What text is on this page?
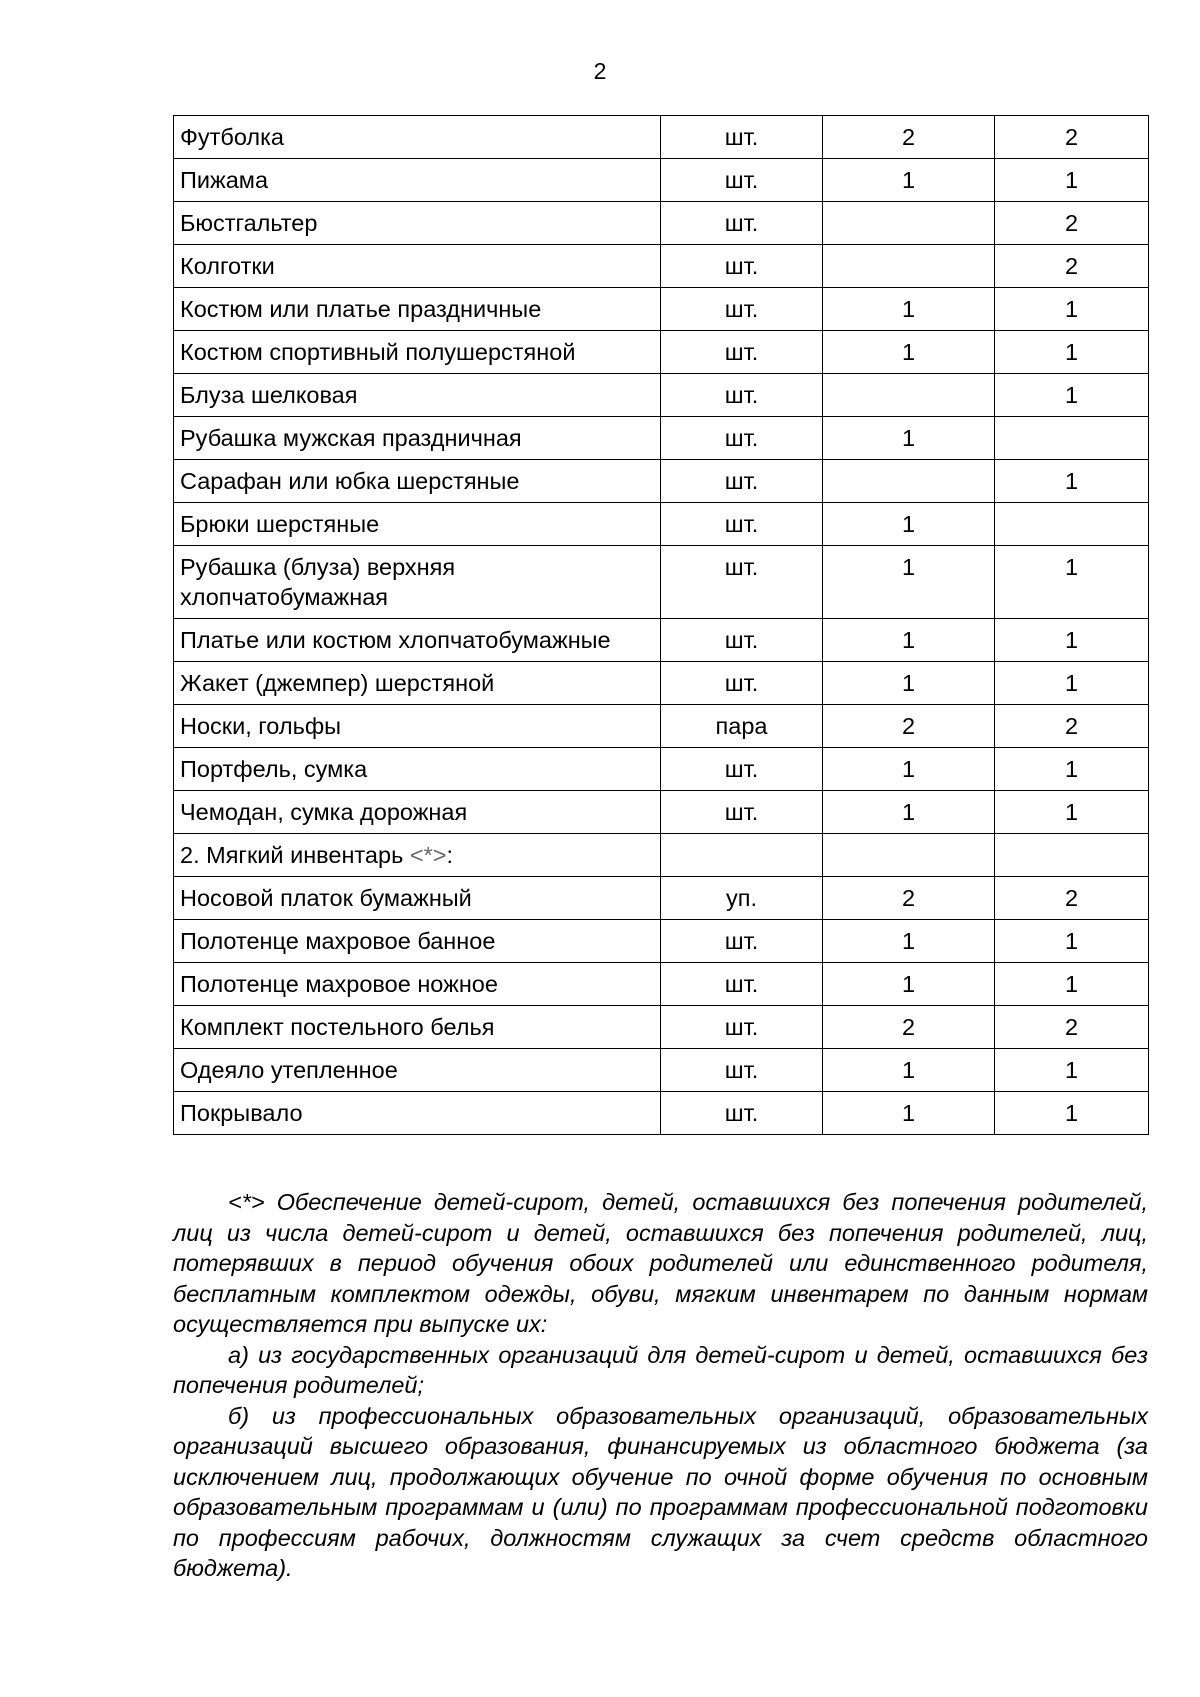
2
Футболка	шт.	2	2
Пижама	шт.	1	1
Бюстгальтер	шт.		2
Колготки	шт.		2
Костюм или платье праздничные	шт.	1	1
Костюм спортивный полушерстяной	шт.	1	1
Блуза шелковая	шт.		1
Рубашка мужская праздничная	шт.	1	
Сарафан или юбка шерстяные	шт.		1
Брюки шерстяные	шт.	1	
Рубашка (блуза) верхняя хлопчатобумажная	шт.	1	1
Платье или костюм хлопчатобумажные	шт.	1	1
Жакет (джемпер) шерстяной	шт.	1	1
Носки, гольфы	пара	2	2
Портфель, сумка	шт.	1	1
Чемодан, сумка дорожная	шт.	1	1
2. Мягкий инвентарь <*>:			
Носовой платок бумажный	уп.	2	2
Полотенце махровое банное	шт.	1	1
Полотенце махровое ножное	шт.	1	1
Комплект постельного белья	шт.	2	2
Одеяло утепленное	шт.	1	1
Покрывало	шт.	1	1

<*> Обеспечение детей-сирот, детей, оставшихся без попечения родителей, лиц из числа детей-сирот и детей, оставшихся без попечения родителей, лиц, потерявших в период обучения обоих родителей или единственного родителя, бесплатным комплектом одежды, обуви, мягким инвентарем по данным нормам осуществляется при выпуске их:

а) из государственных организаций для детей-сирот и детей, оставшихся без попечения родителей;

б) из профессиональных образовательных организаций, образовательных организаций высшего образования, финансируемых из областного бюджета (за исключением лиц, продолжающих обучение по очной форме обучения по основным образовательным программам и (или) по программам профессиональной подготовки по профессиям рабочих, должностям служащих за счет средств областного бюджета).
